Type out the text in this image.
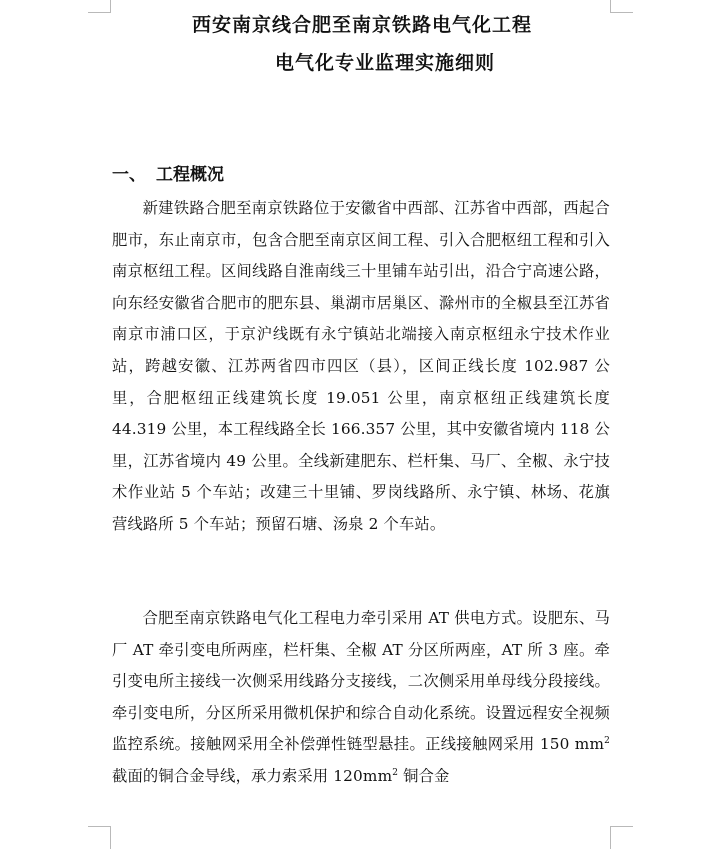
西安南京线合肥至南京铁路电气化工程
电气化专业监理实施细则
一、 工程概况

新建铁路合肥至南京铁路位于安徽省中西部、江苏省中西部，西起合肥市，东止南京市，包含合肥至南京区间工程、引入合肥枢纽工程和引入南京枢纽工程。区间线路自淮南线三十里铺车站引出，沿合宁高速公路，向东经安徽省合肥市的肥东县、巢湖市居巢区、滁州市的全椒县至江苏省南京市浦口区，于京沪线既有永宁镇站北端接入南京枢纽永宁技术作业站，跨越安徽、江苏两省四市四区（县），区间正线长度 102.987 公里，合肥枢纽正线建筑长度 19.051 公里，南京枢纽正线建筑长度 44.319 公里，本工程线路全长 166.357 公里，其中安徽省境内 118 公里，江苏省境内 49 公里。全线新建肥东、栏杆集、马厂、全椒、永宁技术作业站 5 个车站；改建三十里铺、罗岗线路所、永宁镇、林场、花旗营线路所 5 个车站；预留石塘、汤泉 2 个车站。

合肥至南京铁路电气化工程电力牵引采用 AT 供电方式。设肥东、马厂 AT 牵引变电所两座，栏杆集、全椒 AT 分区所两座，AT 所 3 座。牵引变电所主接线一次侧采用线路分支接线，二次侧采用单母线分段接线。牵引变电所，分区所采用微机保护和综合自动化系统。设置远程安全视频监控系统。接触网采用全补偿弹性链型悬挂。正线接触网采用 150 $mm^2$ 截面的铜合金导线，承力索采用 $120mm^2$ 铜合金
